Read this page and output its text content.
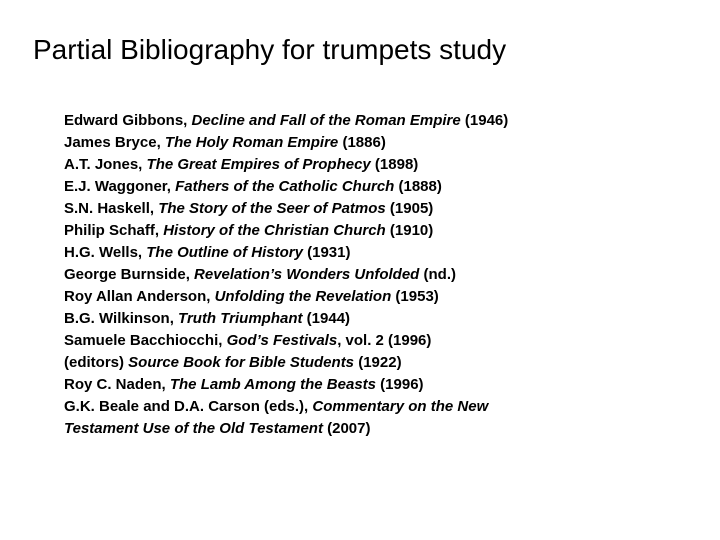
Partial Bibliography for trumpets study
Edward Gibbons, Decline and Fall of the Roman Empire (1946)
James Bryce, The Holy Roman Empire (1886)
A.T. Jones, The Great Empires of Prophecy (1898)
E.J. Waggoner, Fathers of the Catholic Church (1888)
S.N. Haskell, The Story of the Seer of Patmos (1905)
Philip Schaff, History of the Christian Church (1910)
H.G. Wells, The Outline of History (1931)
George Burnside, Revelation’s Wonders Unfolded (nd.)
Roy Allan Anderson, Unfolding the Revelation (1953)
B.G. Wilkinson, Truth Triumphant (1944)
Samuele Bacchiocchi, God’s Festivals, vol. 2 (1996)
(editors) Source Book for Bible Students (1922)
Roy C. Naden, The Lamb Among the Beasts (1996)
G.K. Beale and D.A. Carson (eds.), Commentary on the New
Testament Use of the Old Testament (2007)
